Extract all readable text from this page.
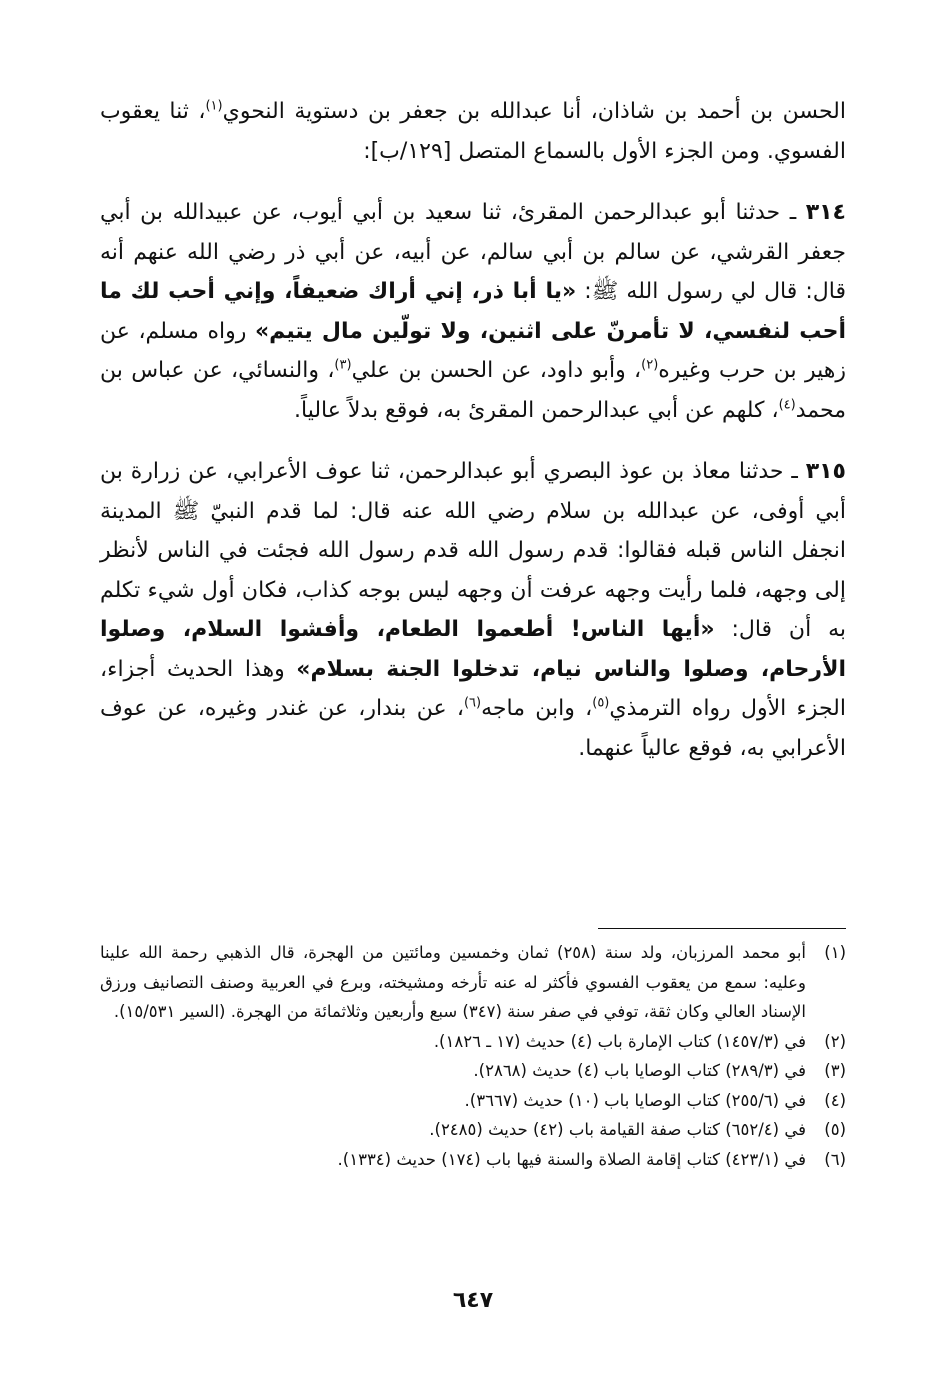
الحسن بن أحمد بن شاذان، أنا عبدالله بن جعفر بن دستوية النحوي$^{(١)}$، ثنا يعقوب الفسوي. ومن الجزء الأول بالسماع المتصل [١٢٩/ب]:

٣١٤ ـ حدثنا أبو عبدالرحمن المقرئ، ثنا سعيد بن أبي أيوب، عن عبيدالله بن أبي جعفر القرشي، عن سالم بن أبي سالم، عن أبيه، عن أبي ذر رضي الله عنهم أنه قال: قال لي رسول الله ﷺ: «يا أبا ذر، إني أراك ضعيفاً، وإني أحب لك ما أحب لنفسي، لا تأمرنّ على اثنين، ولا تولّين مال يتيم» رواه مسلم، عن زهير بن حرب وغيره$^{(٢)}$، وأبو داود، عن الحسن بن علي$^{(٣)}$، والنسائي، عن عباس بن محمد$^{(٤)}$، كلهم عن أبي عبدالرحمن المقرئ به، فوقع بدلاً عالياً.

٣١٥ ـ حدثنا معاذ بن عوذ البصري أبو عبدالرحمن، ثنا عوف الأعرابي، عن زرارة بن أبي أوفى، عن عبدالله بن سلام رضي الله عنه قال: لما قدم النبيّ ﷺ المدينة انجفل الناس قبله فقالوا: قدم رسول الله قدم رسول الله فجئت في الناس لأنظر إلى وجهه، فلما رأيت وجهه عرفت أن وجهه ليس بوجه كذاب، فكان أول شيء تكلم به أن قال: «أيها الناس! أطعموا الطعام، وأفشوا السلام، وصلوا الأرحام، وصلوا والناس نيام، تدخلوا الجنة بسلام» وهذا الحديث أجزاء، الجزء الأول رواه الترمذي$^{(٥)}$، وابن ماجه$^{(٦)}$، عن بندار، عن غندر وغيره، عن عوف الأعرابي به، فوقع عالياً عنهما.

(١)
أبو محمد المرزبان، ولد سنة (٢٥٨) ثمان وخمسين ومائتين من الهجرة، قال الذهبي رحمة الله علينا وعليه: سمع من يعقوب الفسوي فأكثر له عنه تأرخه ومشيخته، وبرع في العربية وصنف التصانيف ورزق الإسناد العالي وكان ثقة، توفي في صفر سنة (٣٤٧) سبع وأربعين وثلاثمائة من الهجرة. (السير ١٥/٥٣١).
(٢)
في (١٤٥٧/٣) كتاب الإمارة باب (٤) حديث (١٧ ـ ١٨٢٦).
(٣)
في (٢٨٩/٣) كتاب الوصايا باب (٤) حديث (٢٨٦٨).
(٤)
في (٢٥٥/٦) كتاب الوصايا باب (١٠) حديث (٣٦٦٧).
(٥)
في (٦٥٢/٤) كتاب صفة القيامة باب (٤٢) حديث (٢٤٨٥).
(٦)
في (٤٢٣/١) كتاب إقامة الصلاة والسنة فيها باب (١٧٤) حديث (١٣٣٤).
٦٤٧
